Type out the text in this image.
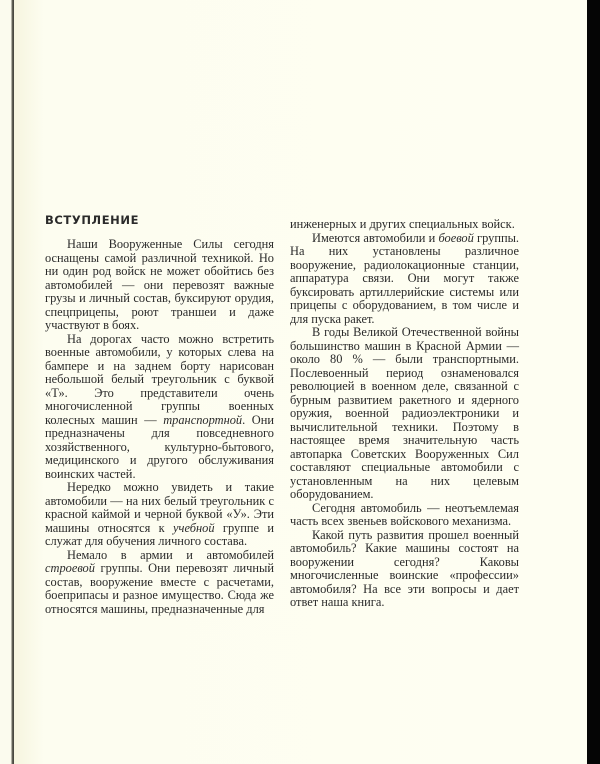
ВСТУПЛЕНИЕ

Наши Вооруженные Силы сегодня оснащены самой различной техникой. Но ни один род войск не может обойтись без автомобилей — они перевозят важные грузы и личный состав, буксируют орудия, спецприцепы, роют траншеи и даже участвуют в боях.

На дорогах часто можно встретить военные автомобили, у которых слева на бампере и на заднем борту нарисован небольшой белый треугольник с буквой «Т». Это представители очень многочисленной группы военных колесных машин — транспортной. Они предназначены для повседневного хозяйственного, культурно-бытового, медицинского и другого обслуживания воинских частей.

Нередко можно увидеть и такие автомобили — на них белый треугольник с красной каймой и черной буквой «У». Эти машины относятся к учебной группе и служат для обучения личного состава.

Немало в армии и автомобилей строевой группы. Они перевозят личный состав, вооружение вместе с расчетами, боеприпасы и разное имущество. Сюда же относятся машины, предназначенные для

инженерных и других специальных войск.

Имеются автомобили и боевой группы. На них установлены различное вооружение, радиолокационные станции, аппаратура связи. Они могут также буксировать артиллерийские системы или прицепы с оборудованием, в том числе и для пуска ракет.

В годы Великой Отечественной войны большинство машин в Красной Армии — около 80 % — были транспортными. Послевоенный период ознаменовался революцией в военном деле, связанной с бурным развитием ракетного и ядерного оружия, военной радиоэлектроники и вычислительной техники. Поэтому в настоящее время значительную часть автопарка Советских Вооруженных Сил составляют специальные автомобили с установленным на них целевым оборудованием.

Сегодня автомобиль — неотъемлемая часть всех звеньев войскового механизма.

Какой путь развития прошел военный автомобиль? Какие машины состоят на вооружении сегодня? Каковы многочисленные воинские «профессии» автомобиля? На все эти вопросы и дает ответ наша книга.
